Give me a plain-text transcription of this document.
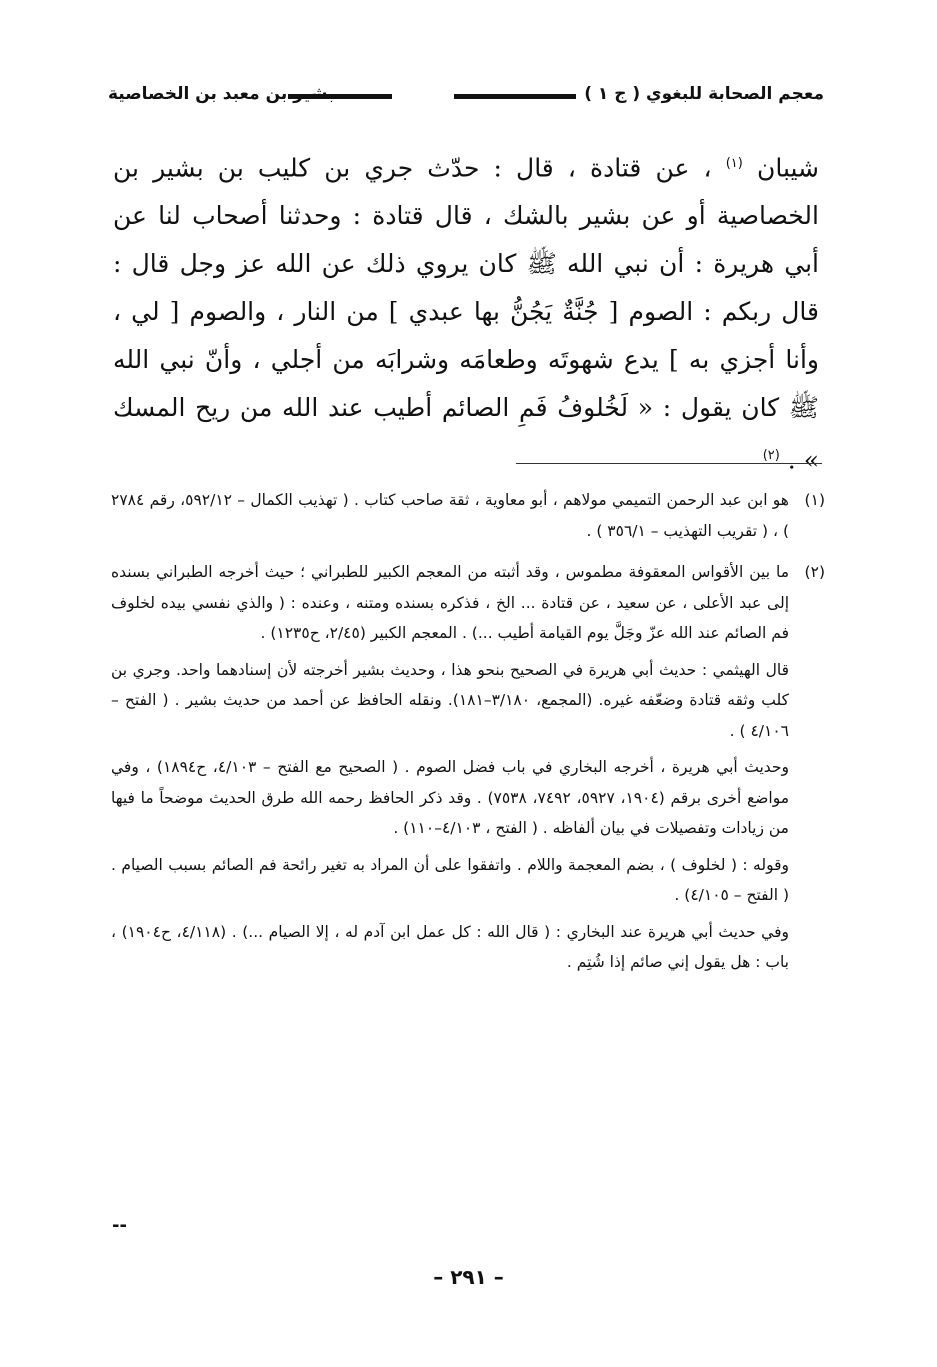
معجم الصحابة للبغوي ( ج ١ )
بشير بن معبد بن الخصاصية

شيبان $^{(١)}$ ، عن قتادة ، قال : حدّث جري بن كليب بن بشير بن الخصاصية أو عن بشير بالشك ، قال قتادة : وحدثنا أصحاب لنا عن أبي هريرة : أن نبي الله ﷺ كان يروي ذلك عن الله عز وجل قال : قال ربكم : الصوم [ جُنَّةٌ يَجُنُّ بها عبدي ] من النار ، والصوم [ لي ، وأنا أجزي به ] يدع شهوتَه وطعامَه وشرابَه من أجلي ، وأنّ نبي الله ﷺ كان يقول : « لَخُلوفُ فَمِ الصائم أطيب عند الله من ريح المسك » . $^{(٢)}$

(١)

هو ابن عبد الرحمن التميمي مولاهم ، أبو معاوية ، ثقة صاحب كتاب . ( تهذيب الكمال – ٥٩٢/١٢، رقم ٢٧٨٤ ) ، ( تقريب التهذيب – ٣٥٦/١ ) .

(٢)

ما بين الأقواس المعقوفة مطموس ، وقد أثبته من المعجم الكبير للطبراني ؛ حيث أخرجه الطبراني بسنده إلى عبد الأعلى ، عن سعيد ، عن قتادة ... الخ ، فذكره بسنده ومتنه ، وعنده : ( والذي نفسي بيده لخلوف فم الصائم عند الله عزّ وجَلَّ يوم القيامة أطيب ...) . المعجم الكبير (٢/٤٥، ح١٢٣٥) .

قال الهيثمي : حديث أبي هريرة في الصحيح بنحو هذا ، وحديث بشير أخرجته لأن إسنادهما واحد. وجري بن كلب وثقه قتادة وضعّفه غيره. (المجمع، ٣/١٨٠–١٨١). ونقله الحافظ عن أحمد من حديث بشير . ( الفتح – ٤/١٠٦ ) .

وحديث أبي هريرة ، أخرجه البخاري في باب فضل الصوم . ( الصحيح مع الفتح – ٤/١٠٣، ح١٨٩٤) ، وفي مواضع أخرى برقم (١٩٠٤، ٥٩٢٧، ٧٤٩٢، ٧٥٣٨) . وقد ذكر الحافظ رحمه الله طرق الحديث موضحاً ما فيها من زيادات وتفصيلات في بيان ألفاظه . ( الفتح ، ٤/١٠٣–١١٠) .

وقوله : ( لخلوف ) ، بضم المعجمة واللام . واتفقوا على أن المراد به تغير رائحة فم الصائم بسبب الصيام . ( الفتح – ٤/١٠٥) .

وفي حديث أبي هريرة عند البخاري : ( قال الله : كل عمل ابن آدم له ، إلا الصيام ...) . (٤/١١٨، ح١٩٠٤) ، باب : هل يقول إني صائم إذا شُتِم .

--
– ٢٩١ –
